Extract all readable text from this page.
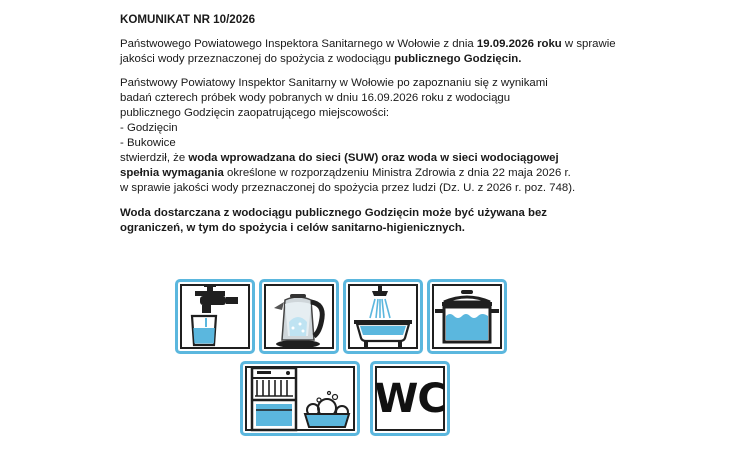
KOMUNIKAT NR 10/2026

Państwowego Powiatowego Inspektora Sanitarnego w Wołowie z dnia 19.09.2026 roku w sprawie jakości wody przeznaczonej do spożycia z wodociągu publicznego Godzięcin.

Państwowy Powiatowy Inspektor Sanitarny w Wołowie po zapoznaniu się z wynikami
badań czterech próbek wody pobranych w dniu 16.09.2026 roku z wodociągu
publicznego Godzięcin zaopatrującego miejscowości:
- Godzięcin
- Bukowice
stwierdził, że woda wprowadzana do sieci (SUW) oraz woda w sieci wodociągowej
spełnia wymagania określone w rozporządzeniu Ministra Zdrowia z dnia 22 maja 2026 r.
w sprawie jakości wody przeznaczonej do spożycia przez ludzi (Dz. U. z 2026 r. poz. 748).

Woda dostarczana z wodociągu publicznego Godzięcin może być używana bez
ograniczeń, w tym do spożycia i celów sanitarno-higienicznych.

WC
